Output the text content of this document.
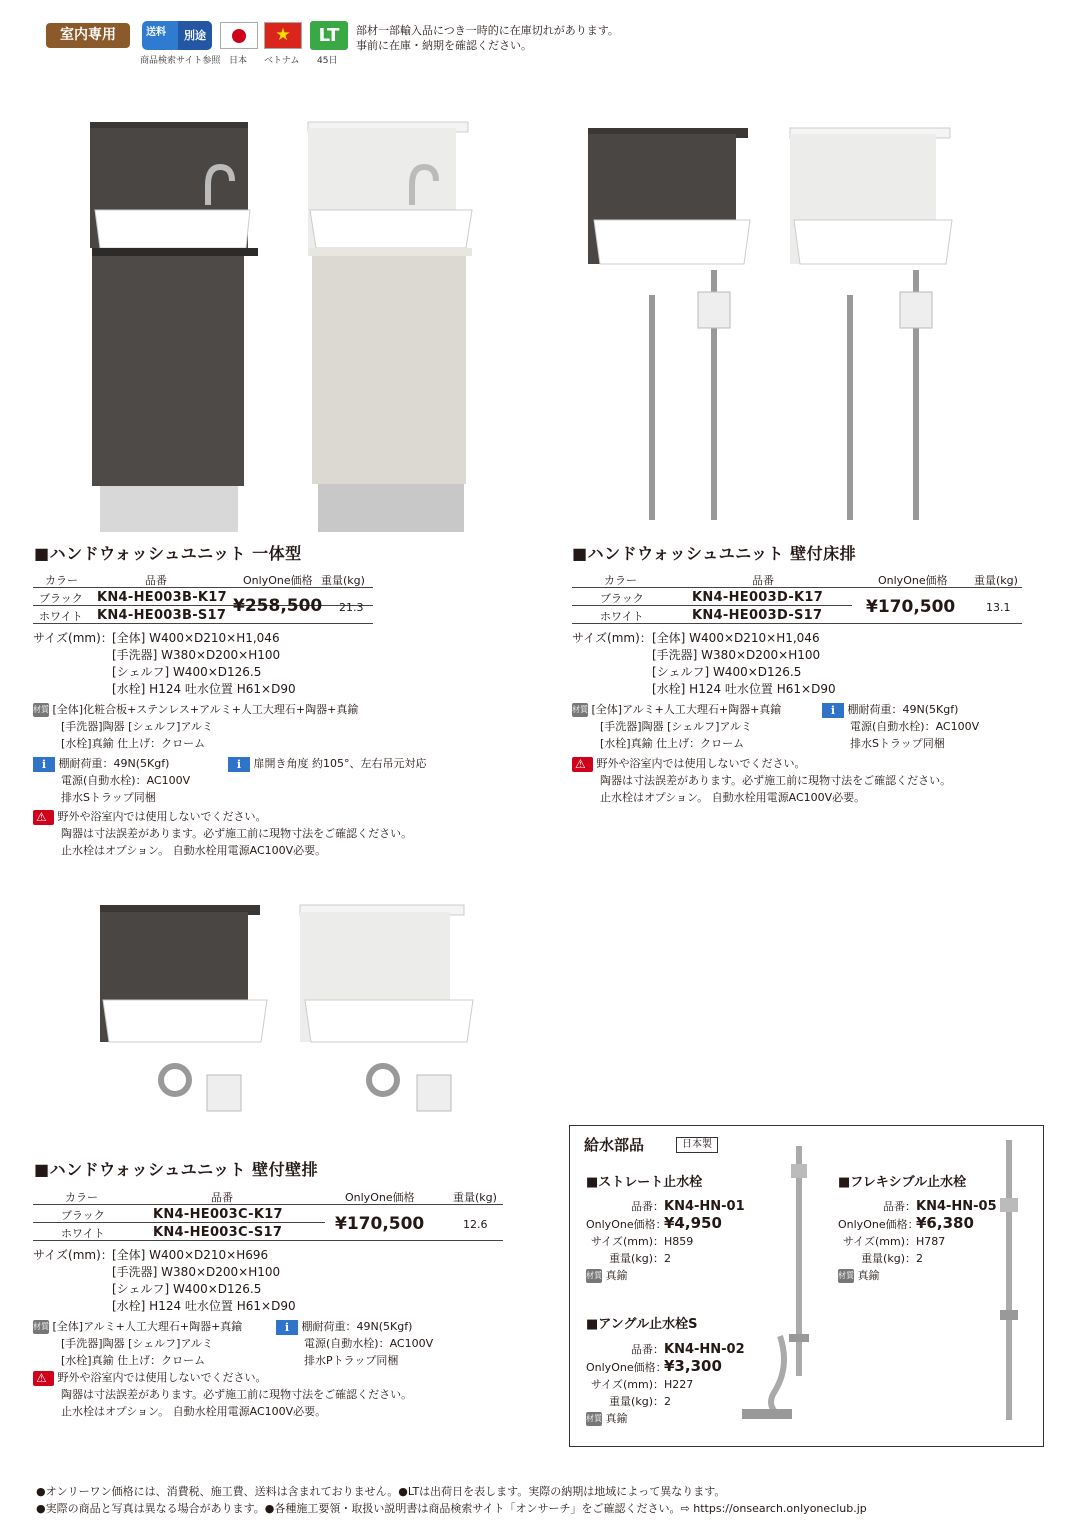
室内専用	送料	別途
商品検索サイト参照 日本
★ ベトナム
LT
45日
部材一部輸入品につき一時的に在庫切れがあります。
事前に在庫・納期を確認ください。
■ハンドウォッシュユニット 一体型
カラー	品番	OnlyOne価格 重量(kg)
ブラック KN4-HE003B-K17
ホワイト KN4-HE003B-S17 ¥258,500 21.3
サイズ(mm)： [全体] W400×D210×H1,046
[手洗器] W380×D200×H100
[シェルフ] W400×D126.5
[水栓] H124 吐水位置 H61×D90
材質 [全体]化粧合板+ステンレス+アルミ+人工大理石+陶器+真鍮
[手洗器]陶器 [シェルフ]アルミ
[水栓]真鍮 仕上げ：クローム
i 棚耐荷重：49N(5Kgf)
電源(自動水栓)：AC100V
排水Sトラップ同梱
i 扉開き角度 約105°、左右吊元対応
⚠ 野外や浴室内では使用しないでください。
陶器は寸法誤差があります。必ず施工前に現物寸法をご確認ください。
止水栓はオプション。 自動水栓用電源AC100V必要。
■ハンドウォッシュユニット 壁付床排
カラー	品番	OnlyOne価格 重量(kg)
ブラック	KN4-HE003D-K17
ホワイト	KN4-HE003D-S17	¥170,500	13.1
サイズ(mm)： [全体] W400×D210×H1,046
[手洗器] W380×D200×H100
[シェルフ] W400×D126.5
[水栓] H124 吐水位置 H61×D90
材質 [全体]アルミ+人工大理石+陶器+真鍮
[手洗器]陶器 [シェルフ]アルミ
[水栓]真鍮 仕上げ：クローム
i 棚耐荷重：49N(5Kgf)
電源(自動水栓)：AC100V
排水Sトラップ同梱
⚠ 野外や浴室内では使用しないでください。
陶器は寸法誤差があります。必ず施工前に現物寸法をご確認ください。
止水栓はオプション。 自動水栓用電源AC100V必要。
■ハンドウォッシュユニット 壁付壁排
カラー	品番	OnlyOne価格	重量(kg)
ブラック	KN4-HE003C-K17
ホワイト	KN4-HE003C-S17	¥170,500	12.6
サイズ(mm)： [全体] W400×D210×H696
[手洗器] W380×D200×H100
[シェルフ] W400×D126.5
[水栓] H124 吐水位置 H61×D90
材質 [全体]アルミ+人工大理石+陶器+真鍮
[手洗器]陶器 [シェルフ]アルミ
[水栓]真鍮 仕上げ：クローム
i 棚耐荷重：49N(5Kgf)
電源(自動水栓)：AC100V
排水Pトラップ同梱
⚠ 野外や浴室内では使用しないでください。
陶器は寸法誤差があります。必ず施工前に現物寸法をご確認ください。
止水栓はオプション。 自動水栓用電源AC100V必要。
給水部品	日本製
■ストレート止水栓
品番：KN4-HN-01
OnlyOne価格：¥4,950
サイズ(mm)：H859
重量(kg)：2
材質 真鍮
■フレキシブル止水栓
品番：KN4-HN-05
OnlyOne価格：¥6,380
サイズ(mm)：H787
重量(kg)：2
材質 真鍮
■アングル止水栓S
品番：KN4-HN-02
OnlyOne価格：¥3,300
サイズ(mm)：H227
重量(kg)：2
材質 真鍮
●オンリーワン価格には、消費税、施工費、送料は含まれておりません。●LTは出荷日を表します。実際の納期は地域によって異なります。
●実際の商品と写真は異なる場合があります。●各種施工要領・取扱い説明書は商品検索サイト「オンサーチ」をご確認ください。⇨ https://onsearch.onlyoneclub.jp
